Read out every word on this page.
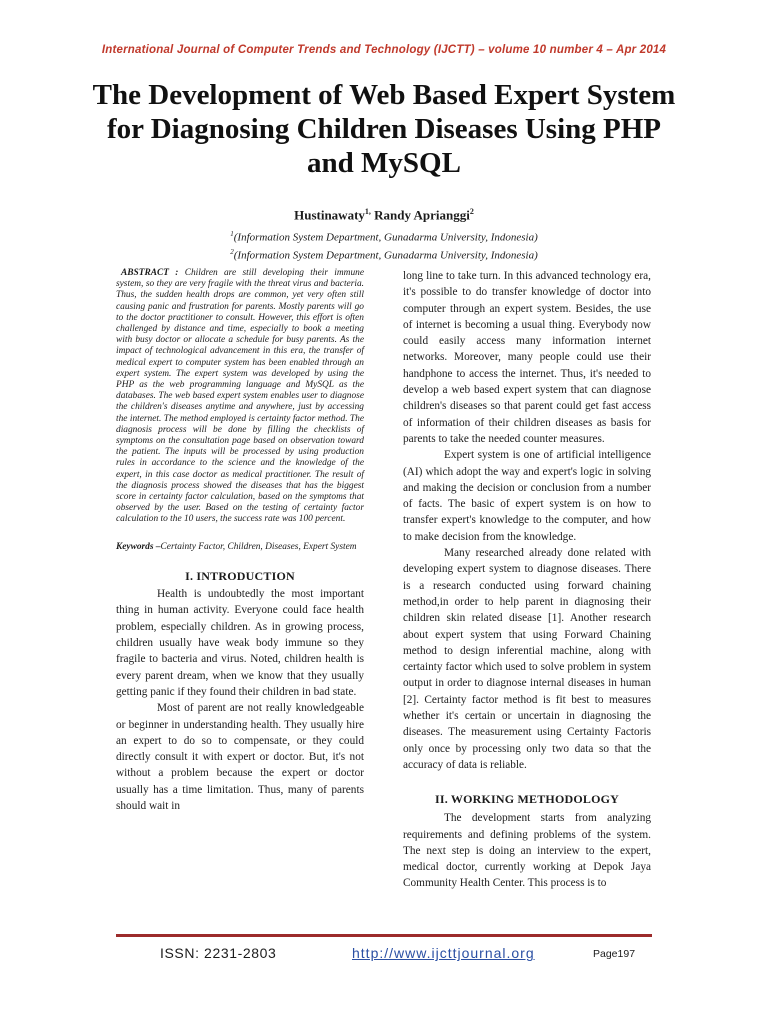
International Journal of Computer Trends and Technology (IJCTT) – volume 10 number 4 – Apr 2014
The Development of Web Based Expert System for Diagnosing Children Diseases Using PHP and MySQL
Hustinawaty$^{1,}$ Randy Aprianggi$^2$
$^1$(Information System Department, Gunadarma University, Indonesia)
$^2$(Information System Department, Gunadarma University, Indonesia)
ABSTRACT : Children are still developing their immune system, so they are very fragile with the threat virus and bacteria. Thus, the sudden health drops are common, yet very often still causing panic and frustration for parents. Mostly parents will go to the doctor practitioner to consult. However, this effort is often challenged by distance and time, especially to book a meeting with busy doctor or allocate a schedule for busy parents. As the impact of technological advancement in this era, the transfer of medical expert to computer system has been enabled through an expert system. The expert system was developed by using the PHP as the web programming language and MySQL as the databases. The web based expert system enables user to diagnose the children's diseases anytime and anywhere, just by accessing the internet. The method employed is certainty factor method. The diagnosis process will be done by filling the checklists of symptoms on the consultation page based on observation toward the patient. The inputs will be processed by using production rules in accordance to the science and the knowledge of the expert, in this case doctor as medical practitioner. The result of the diagnosis process showed the diseases that has the biggest score in certainty factor calculation, based on the symptoms that observed by the user. Based on the testing of certainty factor calculation to the 10 users, the success rate was 100 percent.
Keywords –Certainty Factor, Children, Diseases, Expert System
I. INTRODUCTION

Health is undoubtedly the most important thing in human activity. Everyone could face health problem, especially children. As in growing process, children usually have weak body immune so they fragile to bacteria and virus. Noted, children health is every parent dream, when we know that they usually getting panic if they found their children in bad state.

Most of parent are not really knowledgeable or beginner in understanding health. They usually hire an expert to do so to compensate, or they could directly consult it with expert or doctor. But, it's not without a problem because the expert or doctor usually has a time limitation. Thus, many of parents should wait in

long line to take turn. In this advanced technology era, it's possible to do transfer knowledge of doctor into computer through an expert system. Besides, the use of internet is becoming a usual thing. Everybody now could easily access many information internet networks. Moreover, many people could use their handphone to access the internet. Thus, it's needed to develop a web based expert system that can diagnose children's diseases so that parent could get fast access of information of their children diseases as basis for parents to take the needed counter measures.

Expert system is one of artificial intelligence (AI) which adopt the way and expert's logic in solving and making the decision or conclusion from a number of facts. The basic of expert system is on how to transfer expert's knowledge to the computer, and how to make decision from the knowledge.

Many researched already done related with developing expert system to diagnose diseases. There is a research conducted using forward chaining method,in order to help parent in diagnosing their children skin related disease [1]. Another research about expert system that using Forward Chaining method to design inferential machine, along with certainty factor which used to solve problem in system output in order to diagnose internal diseases in human [2]. Certainty factor method is fit best to measures whether it's certain or uncertain in diagnosing the diseases. The measurement using Certainty Factoris only once by processing only two data so that the accuracy of data is reliable.

II. WORKING METHODOLOGY

The development starts from analyzing requirements and defining problems of the system. The next step is doing an interview to the expert, medical doctor, currently working at Depok Jaya Community Health Center. This process is to

ISSN: 2231-2803	http://www.ijcttjournal.org	Page197
